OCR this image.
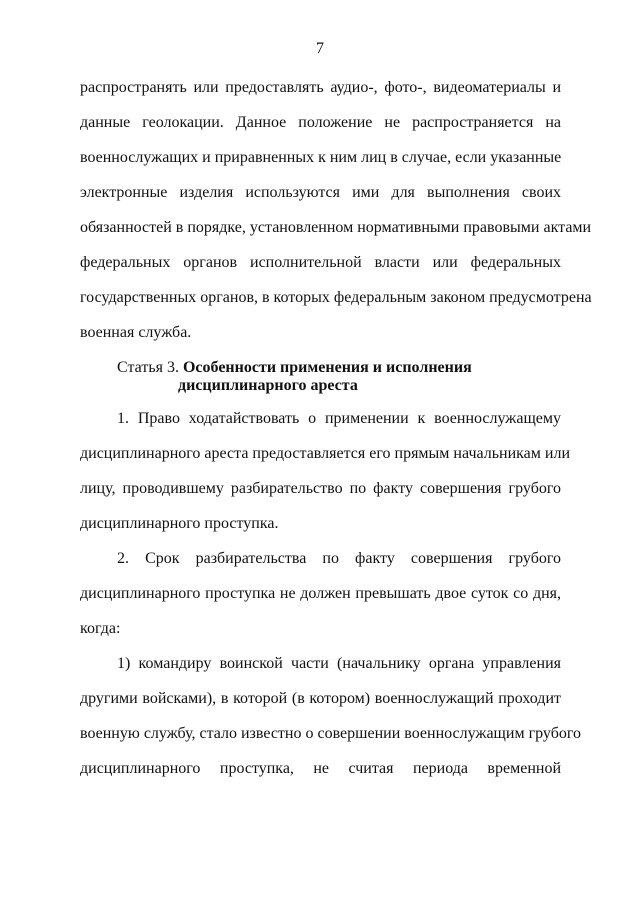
7
распространять или предоставлять аудио-, фото-, видеоматериалы и
данные геолокации. Данное положение не распространяется на
военнослужащих и приравненных к ним лиц в случае, если указанные
электронные изделия используются ими для выполнения своих
обязанностей в порядке, установленном нормативными правовыми актами
федеральных органов исполнительной власти или федеральных
государственных органов, в которых федеральным законом предусмотрена
военная служба.
Статья 3. Особенности применения и исполнения
дисциплинарного ареста
1. Право ходатайствовать о применении к военнослужащему
дисциплинарного ареста предоставляется его прямым начальникам или
лицу, проводившему разбирательство по факту совершения грубого
дисциплинарного проступка.
2. Срок разбирательства по факту совершения грубого
дисциплинарного проступка не должен превышать двое суток со дня,
когда:
1) командиру воинской части (начальнику органа управления
другими войсками), в которой (в котором) военнослужащий проходит
военную службу, стало известно о совершении военнослужащим грубого
дисциплинарного проступка, не считая периода временной
